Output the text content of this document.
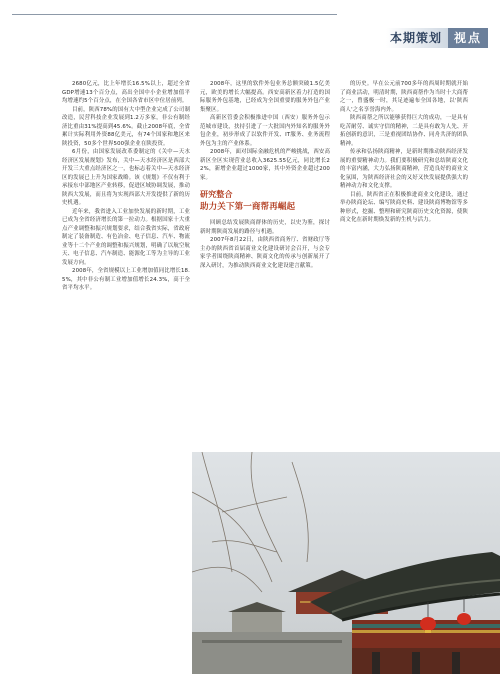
本期策划	视点

2680亿元，比上年增长16.5%以上，超过全省GDP增速13个百分点，高出全国中小企业增加值平均增速约5个百分点，在全国各省市区中位居前列。

目前，陕西78%的国有大中型企业完成了公司制改造，民营科技企业发展到1.2万多家，非公有制经济比重由31%提高到45.6%。截止2008年底，全省累计实际利用外资88亿美元，有74个国家和地区来陕投资，50多个世界500强企业在陕投资。

6月份，由国家发展改革委制定的《关中—天水经济区发展规划》发布，关中—天水经济区是西部大开发三大重点经济区之一，也标志着关中—天水经济区的发展已上升为国家战略。该《规划》不仅有利于承接东中部地区产业转移，促进区域协调发展，推动陕西大发展，而且将为实现西部大开发提供了新的历史机遇。

近年来，我省进入工业加快发展的新时期，工业已成为全省经济增长的第一拉动力。根据国家十大重点产业调整和振兴规划要求，结合我省实际，省政府制定了装备制造、有色冶金、电子信息、汽车、物流业等十二个产业的调整和振兴规划，明确了以航空航天、电子信息、汽车制造、能源化工等为主导的工业发展方向。

2008年，全省规模以上工业增加值同比增长18.5%，其中非公有制工业增加值增长24.3%，高于全省平均水平。

2008年，这里的软件外包业务总额突破1.5亿美元，欧美的增长大幅提高。西安高新区着力打造的国际服务外包基地，已经成为全国重要的服务外包产业集聚区。

高新区管委会积极推进中国（西安）服务外包示范城市建设，扶持引进了一大批国内外知名的服务外包企业，初步形成了以软件开发、IT服务、业务流程外包为主的产业体系。

2008年，面对国际金融危机的严峻挑战，西安高新区全区实现营业总收入3625.55亿元，同比增长22%，新增企业超过1000家，其中外资企业超过200家。

研究整合
助力关下第一商帮再崛起

回顾总结发展陕商群体的历史，以史为鉴，探讨新时期陕商发展的路径与机遇。

2007年8月22日，由陕西省商务厅、省财政厅等主办的陕西省首届商业文化建设研讨会召开，与会专家学者围绕陕商精神、陕商文化的传承与创新展开了深入研讨，为推动陕西商业文化建设建言献策。

的历史。早在公元前700多年的西周时期就开始了商业活动，明清时期，陕西商帮作为当时十大商帮之一，曾盛极一时，其足迹遍布全国各地，以'陕西商人'之名享誉海内外。

陕西商帮之所以能够获得巨大的成功，一是具有吃苦耐劳、诚实守信的精神，二是具有敢为人先、开拓创新的意识，三是重视团结协作、同舟共济的团队精神。

传承和弘扬陕商精神，是新时期推动陕西经济发展的重要精神动力。我们要积极研究和总结陕商文化的丰富内涵，大力弘扬陕商精神，营造良好的商业文化氛围，为陕西经济社会的又好又快发展提供强大的精神动力和文化支撑。

目前，陕西省正在积极推进商业文化建设，通过举办陕商论坛、编写陕商史料、建设陕商博物馆等多种形式，挖掘、整理和研究陕商历史文化资源，使陕商文化在新时期焕发新的生机与活力。
